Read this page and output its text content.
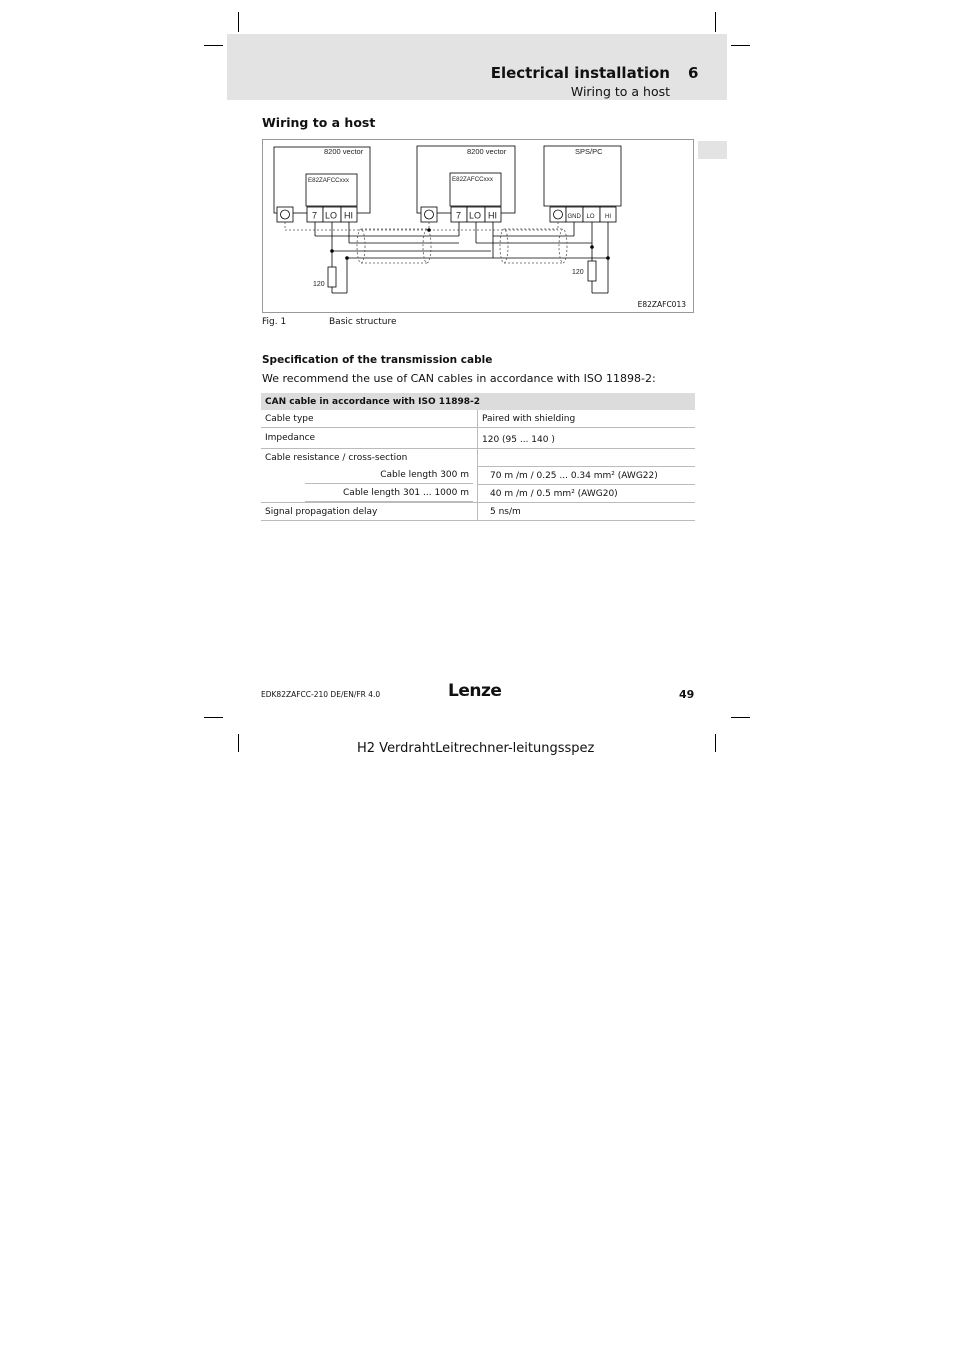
Electrical installation 6
Wiring to a host
Wiring to a host
8200 vector
E82ZAFCCxxx
7 LO HI
8200 vector
E82ZAFCCxxx
7 LO HI
SPS/PC
GND LO HI
120
120
E82ZAFC013
Fig. 1	Basic structure
Specification of the transmission cable
We recommend the use of CAN cables in accordance with ISO 11898-2:
CAN cable in accordance with ISO 11898-2	
Cable type	Paired with shielding
Impedance	120 (95 ... 140 )
Cable resistance / cross-section	

Cable length 300 m	70 m /m / 0.25 ... 0.34 mm² (AWG22)

Cable length 301 ... 1000 m	40 m /m / 0.5 mm² (AWG20)
Signal propagation delay	5 ns/m
EDK82ZAFCC-210 DE/EN/FR 4.0	Lenze	49
H2 VerdrahtLeitrechner-leitungsspez
